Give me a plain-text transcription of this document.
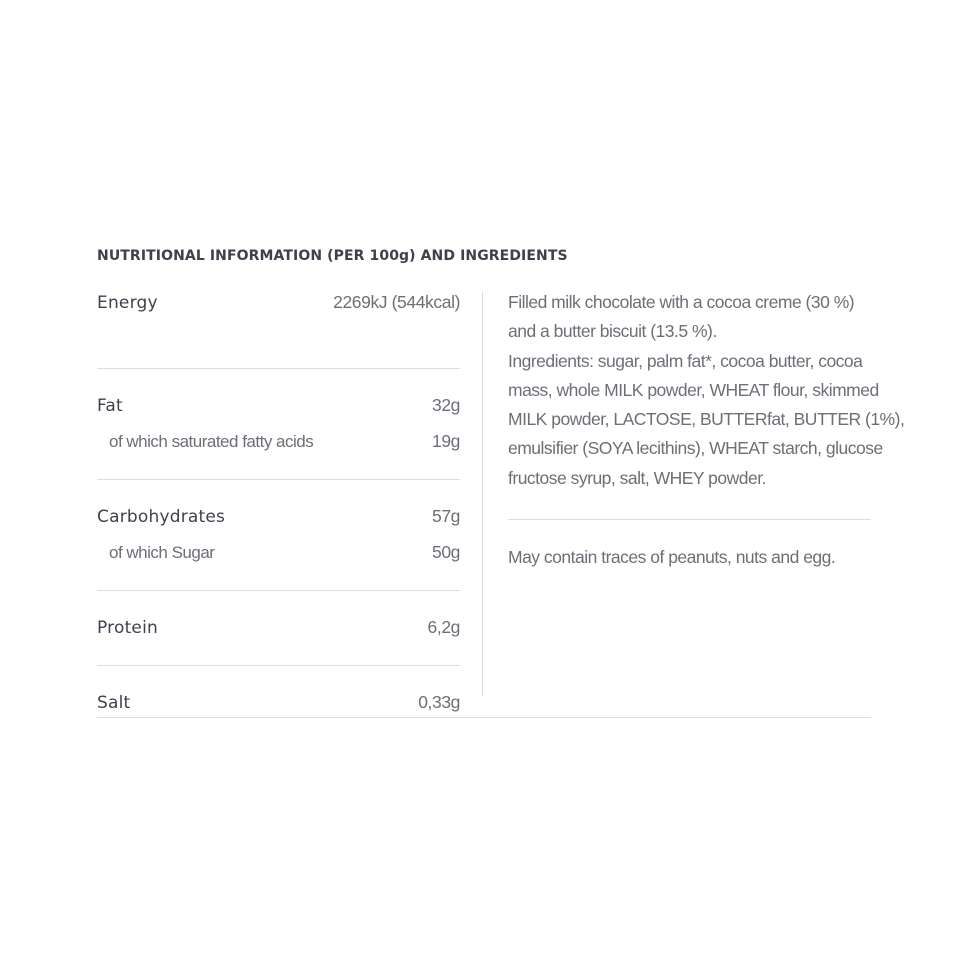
NUTRITIONAL INFORMATION (PER 100g) AND INGREDIENTS
Energy	2269kJ (544kcal)
Fat	32g
of which saturated fatty acids	19g
Carbohydrates	57g
of which Sugar	50g
Protein	6,2g
Salt	0,33g

Filled milk chocolate with a cocoa creme (30 %)
and a butter biscuit (13.5 %).
Ingredients: sugar, palm fat*, cocoa butter, cocoa
mass, whole MILK powder, WHEAT flour, skimmed
MILK powder, LACTOSE, BUTTERfat, BUTTER (1%),
emulsifier (SOYA lecithins), WHEAT starch, glucose
fructose syrup, salt, WHEY powder.

May contain traces of peanuts, nuts and egg.
